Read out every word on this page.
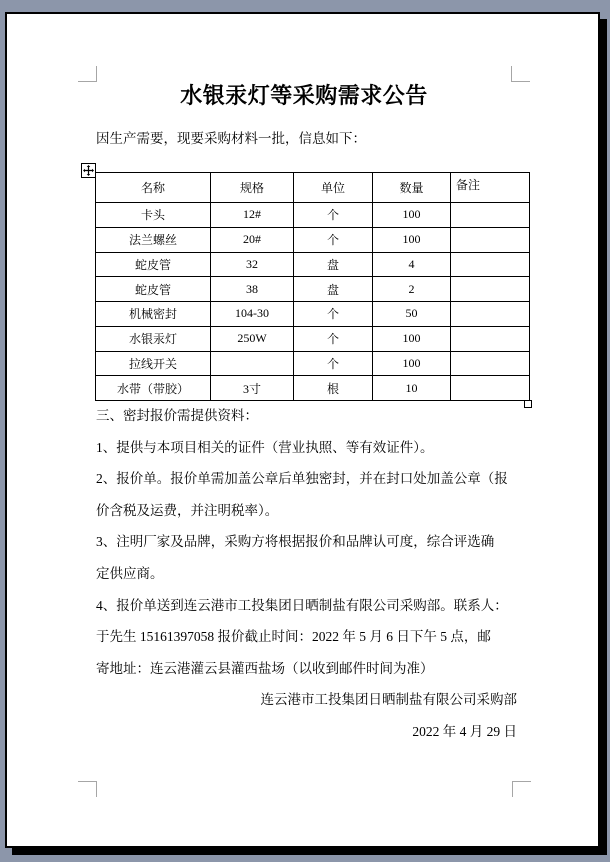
水银汞灯等采购需求公告
因生产需要，现要采购材料一批，信息如下：
名称	规格	单位	数量	备注
卡头	12#	个	100	
法兰螺丝	20#	个	100	
蛇皮管	32	盘	4	
蛇皮管	38	盘	2	
机械密封	104-30	个	50	
水银汞灯	250W	个	100	
拉线开关		个	100	
水带（带胶）	3寸	根	10	
三、密封报价需提供资料：
1、提供与本项目相关的证件（营业执照、等有效证件）。
2、报价单。报价单需加盖公章后单独密封，并在封口处加盖公章（报
价含税及运费，并注明税率）。
3、注明厂家及品牌，采购方将根据报价和品牌认可度，综合评选确
定供应商。
4、报价单送到连云港市工投集团日晒制盐有限公司采购部。联系人：
于先生 15161397058 报价截止时间：2022 年 5 月 6 日下午 5 点，邮
寄地址：连云港灌云县灌西盐场（以收到邮件时间为准）
连云港市工投集团日晒制盐有限公司采购部
2022 年 4 月 29 日
